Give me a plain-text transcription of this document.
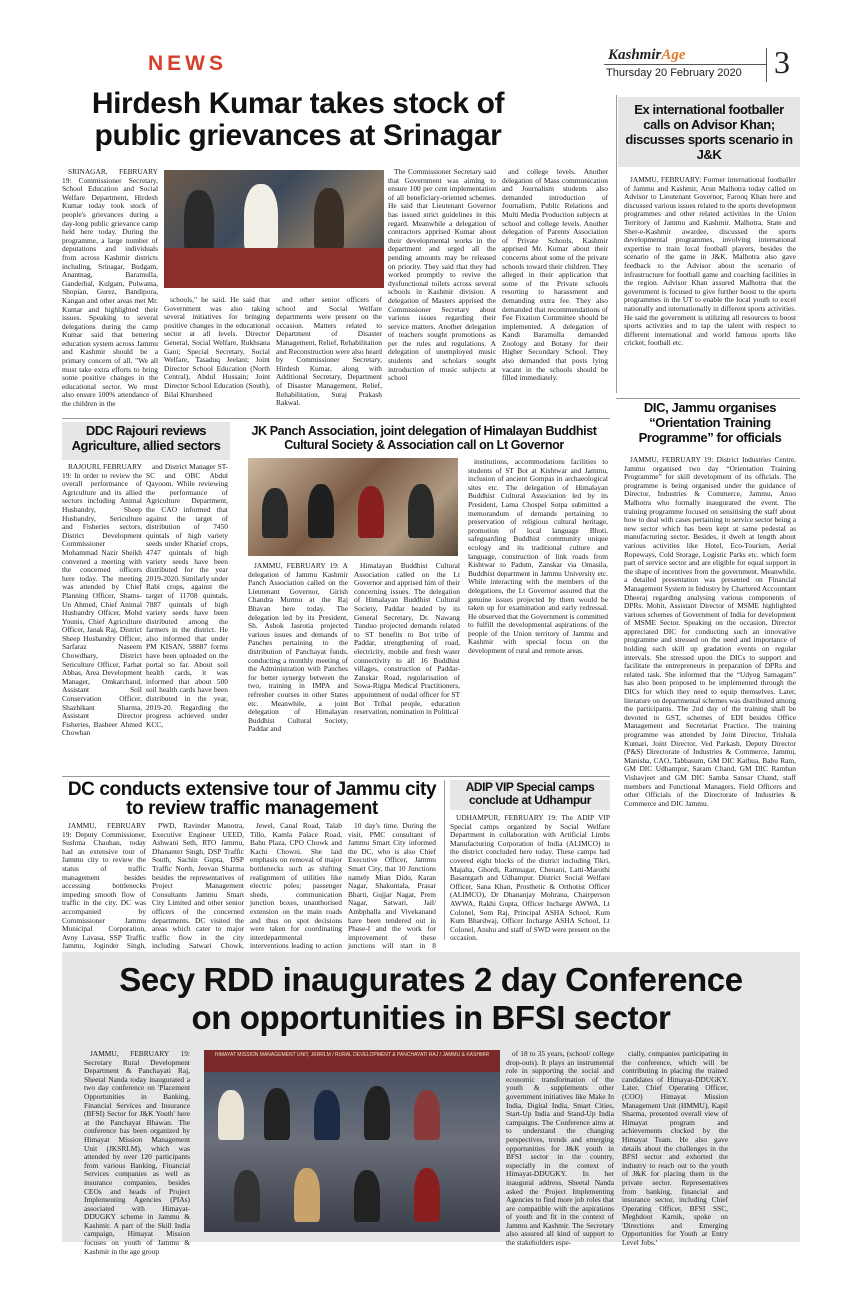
NEWS	KashmirAge
Thursday 20 February 2020 3
Hirdesh Kumar takes stock of public grievances at Srinagar

SRINAGAR, FEBRUARY 19: Commissioner Secretary, School Education and Social Welfare Department, Hirdesh Kumar today took stock of people's grievances during a day-long public grievance camp held here today. During the programme, a large number of deputations and individuals from across Kashmir districts including, Srinagar, Budgam, Anantnag, Baramulla, Ganderbal, Kulgam, Pulwama, Shopian, Gurez, Bandipora, Kangan and other areas met Mr. Kumar and highlighted their issues. Speaking to several delegations during the camp Kumar said that bettering education system across Jammu and Kashmir should be a primary concern of all. "We all must take extra efforts to bring some positive changes in the educational sector. We must also ensure 100% attendance of the children in the

schools," he said. He said that Government was also taking several initiatives for bringing positive changes in the educational sector at all levels. Director General, Social Welfare, Rukhsana Gani; Special Secretary, Social Welfare, Tasaduq Jeelani; Joint Director School Education (North Central), Abdul Hussain; Joint Director School Education (South), Bilal Khursheed

and other senior officers of school and Social Welfare departments were present on the occasion. Matters related to Department of Disaster Management, Relief, Rehabilitation and Reconstruction were also heard by Commissioner Secretary, Hirdesh Kumar, along with Additional Secretary, Department of Disaster Management, Relief, Rehabilitation, Suraj Prakash Rakwal.

The Commissioner Secretary said that Government was aiming to ensure 100 per cent implementation of all beneficiary-oriented schemes. He said that Lieutenant Governor has issued strict guidelines in this regard. Meanwhile a delegation of contractors apprised Kumar about their developmental works in the department and urged all the pending amounts may be released on priority. They said that they had worked promptly to revive the dysfunctional toilets across several schools in Kashmir division. A delegation of Masters apprised the Commissioner Secretary about various issues regarding their service matters. Another delegation of teachers sought promotions as per the rules and regulations. A delegation of unemployed music students and scholars sought introduction of music subjects at school

and college levels. Another delegation of Mass communication and Journalism students also demanded introduction of Journalism, Public Relations and Multi Media Production subjects at school and college levels. Another delegation of Parents Association of Private Schools, Kashmir apprised Mr. Kumar about their concerns about some of the private schools toward their children. They alleged in their application that some of the Private schools resorting to harassment and demanding extra fee. They also demanded that recommendations of Fee Fixation Committee should be implemented. A delegation of Kandi Baramulla demanded Zoology and Botany for their Higher Secondary School. They also demanded that posts lying vacant in the schools should be filled immediately.

Ex international footballer calls on Advisor Khan; discusses sports scenario in J&K

JAMMU, FEBRUARY: Former international footballer of Jammu and Kashmir, Arun Malhotra today called on Advisor to Lieutenant Governor, Farooq Khan here and discussed various issues related to the sports development programmes and other related activities in the Union Territory of Jammu and Kashmir. Malhotra, State and Sher-e-Kashmir awardee, discussed the sports developmental programmes, involving international expertise to train local football players, besides the scenario of the game in J&K. Malhotra also gave feedback to the Advisor about the scenario of infrastructure for football game and coaching facilities in the region. Advisor Khan assured Malhotra that the government is focused to give further boost to the sports programmes in the UT to enable the local youth to excel nationally and internationally in different sports activities. He said the government is utilizing all resources to boost sports activities and to tap the talent with respect to different international and world famous sports like cricket, football etc.

DDC Rajouri reviews Agriculture, allied sectors

RAJOURI, FEBRUARY 19: In order to review the overall performance of Agriculture and its allied sectors including Animal Husbandry, Sheep Husbandry, Sericulture and Fisheries sectors, District Development Commissioner Mohammad Nazir Sheikh convened a meeting with the concerned officers here today. The meeting was attended by Chief Planning Officer, Shams-Un Ahmed, Chief Animal Husbandry Officer, Mohd Younis, Chief Agriculture Officer, Janak Raj, District Sheep Husbandry Officer, Sarfaraz Naseem Chowdhary, District Sericulture Officer, Farhat Abbas, Area Development Manager, Omkarchand, Assistant Soil Conservation Officer, Shazhikant Sharma, Assistant Director Fisheries, Basheer Ahmed Chowhan

and District Manager ST-SC and OBC Abdul Qayoom. While reviewing the performance of Agriculture Department, the CAO informed that against the target of distribution of 7450 quintals of high variety seeds under Kharief crops, 4747 quintals of high variety seeds have been distributed for the year 2019-2020. Similarly under Rabi crops, against the target of 11708 quintals, 7887 quintals of high variety seeds have been distributed among the farmers in the district. He also informed that under PM KISAN, 58887 forms have been uploaded on the portal so far. About soil health cards, it was informed that about 500 soil health cards have been distributed in the year, 2019-20. Regarding the progress achieved under KCC,

JK Panch Association, joint delegation of Himalayan Buddhist Cultural Society & Association call on Lt Governor

JAMMU, FEBRUARY 19: A delegation of Jammu Kashmir Panch Association called on the Lieutenant Governor, Girish Chandra Murmu at the Raj Bhavan here today. The delegation led by its President, Sh. Ashok Jasrotia projected various issues and demands of Panches pertaining to the distribution of Panchayat funds, conducting a monthly meeting of the Administration with Panches for better synergy between the two, training in IMPA and refresher courses in other States etc. Meanwhile, a joint delegation of Himalayan Buddhist Cultural Society, Paddar and

Himalayan Buddhist Cultural Association called on the Lt Governor and apprised him of their concerning issues. The delegation of Himalayan Buddhist Cultural Society, Paddar headed by its General Secretary, Dr. Nawang Tunduo projected demands related to ST benefits to Bot tribe of Paddar, strengthening of road, electricity, mobile and fresh water connectivity to all 16 Buddhist villages, construction of Paddar-Zanskar Road, regularisation of Sowa-Rigpa Medical Practitioners, appointment of nodal officer for ST Bot Tribal people, education reservation, nomination in Political

institutions, accommodations facilities to students of ST Bot at Kishtwar and Jammu, inclusion of ancient Gompas in archaeological sites etc. The delegation of Himalayan Buddhist Cultural Association led by its President, Lama Chospel Sotpa submitted a memorandum of demands pertaining to preservation of religious cultural heritage, promotion of local language Bhoti, safeguarding Buddhist community unique ecology and its traditional culture and language, construction of link roads from Kishtwar to Padum, Zanskar via Omasila, Buddhist department in Jammu University etc. While interacting with the members of the delegations, the Lt Governor assured that the genuine issues projected by them would be taken up for examination and early redressal. He observed that the Government is committed to fulfill the developmental aspirations of the people of the Union territory of Jammu and Kashmir with special focus on the development of rural and remote areas.

DIC, Jammu organises “Orientation Training Programme” for officials

JAMMU, FEBRUARY 19: District Industries Centre, Jammu organised two day “Orientation Training Programme” for skill development of its officials. The programme is being organised under the guidance of Director, Industries & Commerce, Jammu, Anoo Malhotra who formally inaugurated the event. The training programme focused on sensitising the staff about how to deal with cases pertaining to service sector being a new sector which has been kept at same pedestal as manufacturing sector. Besides, it dwelt at length about various activities like Hotel, Eco-Tourism, Aerial Ropeways, Cold Storage, Logistic Parks etc. which form part of service sector and are eligible for equal support in the shape of incentives from the government. Meanwhile, a detailed presentation was presented on Financial Management System in Industry by Chartered Accountant Dheeraj regarding analysing various components of DPRs. Mohit, Assistant Director of MSME highlighted various schemes of Government of India for development of MSME Sector. Speaking on the occasion, Director appreciated DIC for conducting such an innovative programme and stressed on the need and importance of holding such skill up gradation events on regular intervals. She stressed upon the DICs to support and facilitate the entrepreneurs in preparation of DPRs and related task. She informed that the “Udyog Samagam” has also been proposed to be implemented through the DICs for which they need to equip themselves. Later, literature on departmental schemes was distributed among the participants. The 2nd day of the training shall be devoted to GST, schemes of EDI besides Office Management and Secretariat Practice. The training programme was attended by Joint Director, Trishala Kumari, Joint Director, Ved Parkash, Deputy Director (P&S) Directorate of Industries & Commerce, Jammu, Manisha, CAO, Tabbasum, GM DIC Kathua, Babu Ram, GM DIC Udhampur, Saram Chand, GM DIC Ramban Vishavjeet and GM DIC Samba Sansar Chand, staff members and Functional Managers, Field Officers and other Officials of the Directorate of Industries & Commerce and DIC Jammu.

DC conducts extensive tour of Jammu city to review traffic management

JAMMU, FEBRUARY 19: Deputy Commissioner, Sushma Chauhan, today had an extensive tour of Jammu city to review the status of traffic management besides accessing bottlenecks impeding smooth flow of traffic in the city. DC was accompanied by Commissioner Jammu Municipal Corporation, Avny Lavasa, SSP Traffic Jammu, Joginder Singh,

PWD, Ravinder Manotra, Executive Engineer UEED, Ashwani Seth, RTO Jammu, Dhananter Singh, DSP Traffic South, Sachin Gupta, DSP Traffic North, Jeevan Sharma besides the representatives of Project Management Consultants Jammu Smart City Limited and other senior officers of the concerned departments. DC visited the areas which cater to major traffic flow in the city including Satwari Chowk,

Jewel, Canal Road, Talab Tillo, Kamla Palace Road, Bahu Plaza, CPO Chowk and Kachi Chowni. She laid emphasis on removal of major bottlenecks such as shifting realignment of utilities like electric poles; passenger sheds, communication junction boxes, unauthorised extension on the main roads and thus on spot decisions were taken for coordinating interdepartmental interventions leading to action

10 day's time. During the visit, PMC consultant of Jammu Smart City informed the DC, who is also Chief Executive Officer, Jammu Smart City, that 10 Junctions namely Mian Dido, Karan Nagar, Shakuntala, Prasar Bharti, Gujjar Nagar, Prem Nagar, Satwari, Jail/ Ambphalla and Vivekanand have been tendered out in Phase-I and the work for improvement of these junctions will start in 8

ADIP VIP Special camps conclude at Udhampur

UDHAMPUR, FEBRUARY 19: The ADIP VIP Special camps organized by Social Welfare Department in collaboration with Artificial Limbs Manufacturing Corporation of India (ALIMCO) in the district concluded here today. These camps had covered eight blocks of the district including Tikri, Majalta, Ghordi, Ramnagar, Chenani, Latti-Marothi Basantgarh and Udhampur. District Social Welfare Officer, Sana Khan, Prosthetic & Orthotist Officer (ALIMCO), Dr Dhananjay Mohrana, Chairperson AWWA, Rakhi Gupta, Officer Incharge AWWA, Lt Colonel, Som Raj, Principal ASHA School, Kum Kum Bhardwaj, Officer Incharge ASHA School, Lt Colonel, Anshu and staff of SWD were present on the occasion.

Secy RDD inaugurates 2 day Conference
on opportunities in BFSI sector

JAMMU, FEBRUARY 19: Secretary Rural Development Department & Panchayati Raj, Sheetal Nanda today inaugurated a two day conference on 'Placement Opportunities in Banking, Financial Services and Insurance (BFSI) Sector for J&K Youth' here at the Panchayat Bhawan. The conference has been organized by Himayat Mission Management Unit (JKSRLM), which was attended by over 120 participants from various Banking, Financial Services companies as well as insurance companies, besides CEOs and heads of Project Implementing Agencies (PIAs) associated with Himayat-DDUGKY scheme in Jammu & Kashmir. A part of the Skill India campaign, Himayat Mission focuses on youth of Jammu & Kashmir in the age group

HIMAYAT MISSION MANAGEMENT UNIT, JKRRLM / RURAL DEVELOPMENT & PANCHAYATI RAJ / JAMMU & KASHMIR	of 18 to 35 years, (school/ college drop-outs). It plays an instrumental role in supporting the social and economic transformation of the youth & supplements other government initiatives like Make In India, Digital India, Smart Cities, Start-Up India and Stand-Up India campaigns. The Conference aims at to understand the changing perspectives, trends and emerging opportunities for J&K youth in BFSI sector in the country, especially in the context of Himayat-DDUGKY. In her inaugural address, Sheetal Nanda asked the Project Implementing Agencies to find more job roles that are compatible with the aspirations of youth and fit in the context of Jammu and Kashmir. The Secretary also assured all kind of support to the stakeholders espe-

cially, companies participating in the conference, which will be contributing in placing the trained candidates of Himayat-DDUGKY. Later, Chief Operating Officer, (COO) Himayat Mission Management Unit (HMMU), Kapil Sharma, presented overall view of Himayat program and achievements clocked by the Himayat Team. He also gave details about the challenges in the BFSI sector and exhorted the industry to reach out to the youth of J&K for placing them in the private sector. Representatives from banking, financial and insurance sector, including Chief Operating Officer, BFSI SSC, Meghdoot Karnik, spoke on 'Directions and Emerging Opportunities for Youth at Entry Level Jobs.'
